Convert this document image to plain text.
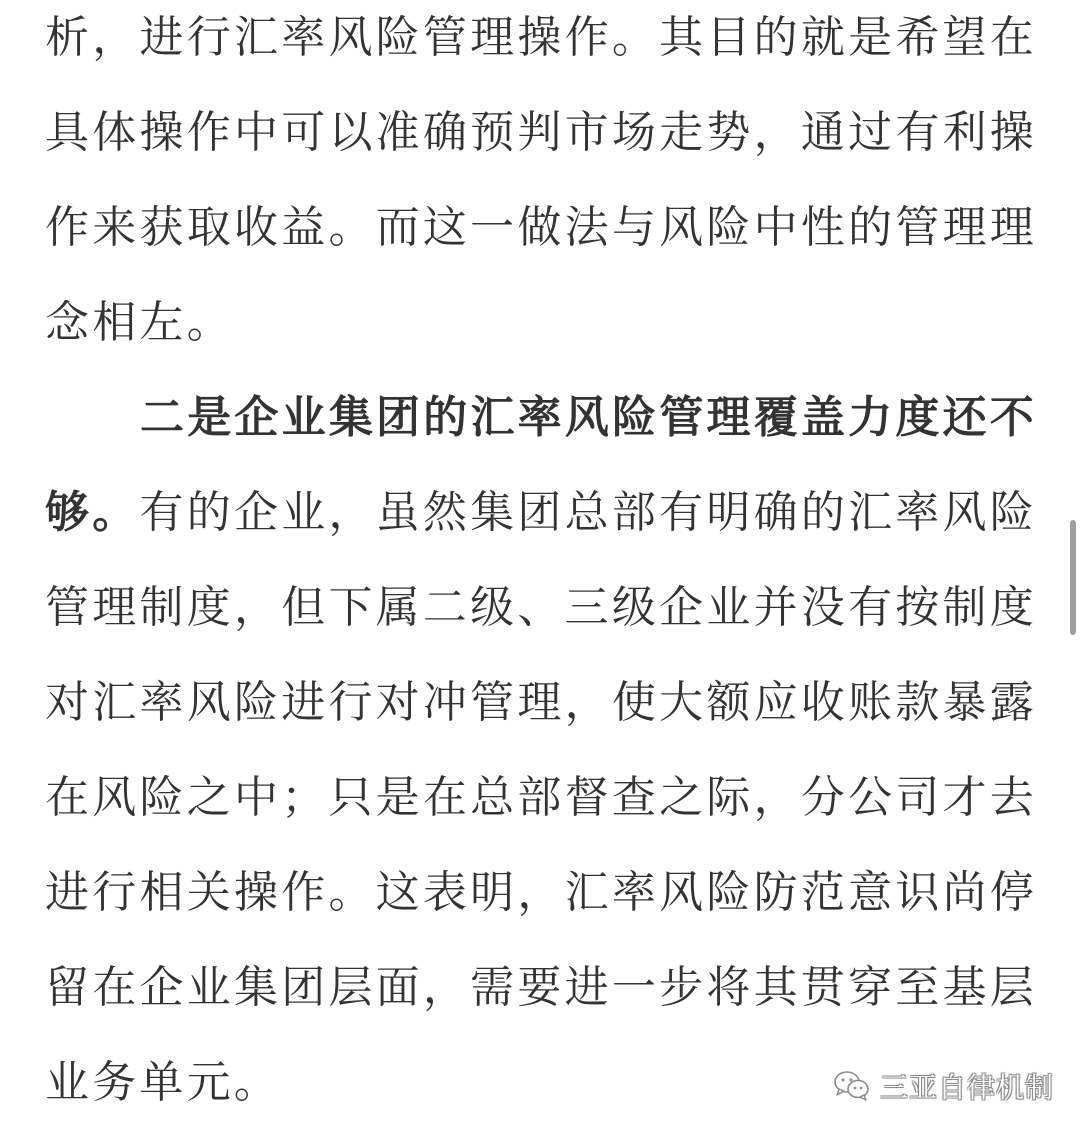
析，进行汇率风险管理操作。其目的就是希望在具体操作中可以准确预判市场走势，通过有利操作来获取收益。而这一做法与风险中性的管理理念相左。

二是企业集团的汇率风险管理覆盖力度还不够。有的企业，虽然集团总部有明确的汇率风险管理制度，但下属二级、三级企业并没有按制度对汇率风险进行对冲管理，使大额应收账款暴露在风险之中；只是在总部督查之际，分公司才去进行相关操作。这表明，汇率风险防范意识尚停留在企业集团层面，需要进一步将其贯穿至基层业务单元。	三亚自律机制
